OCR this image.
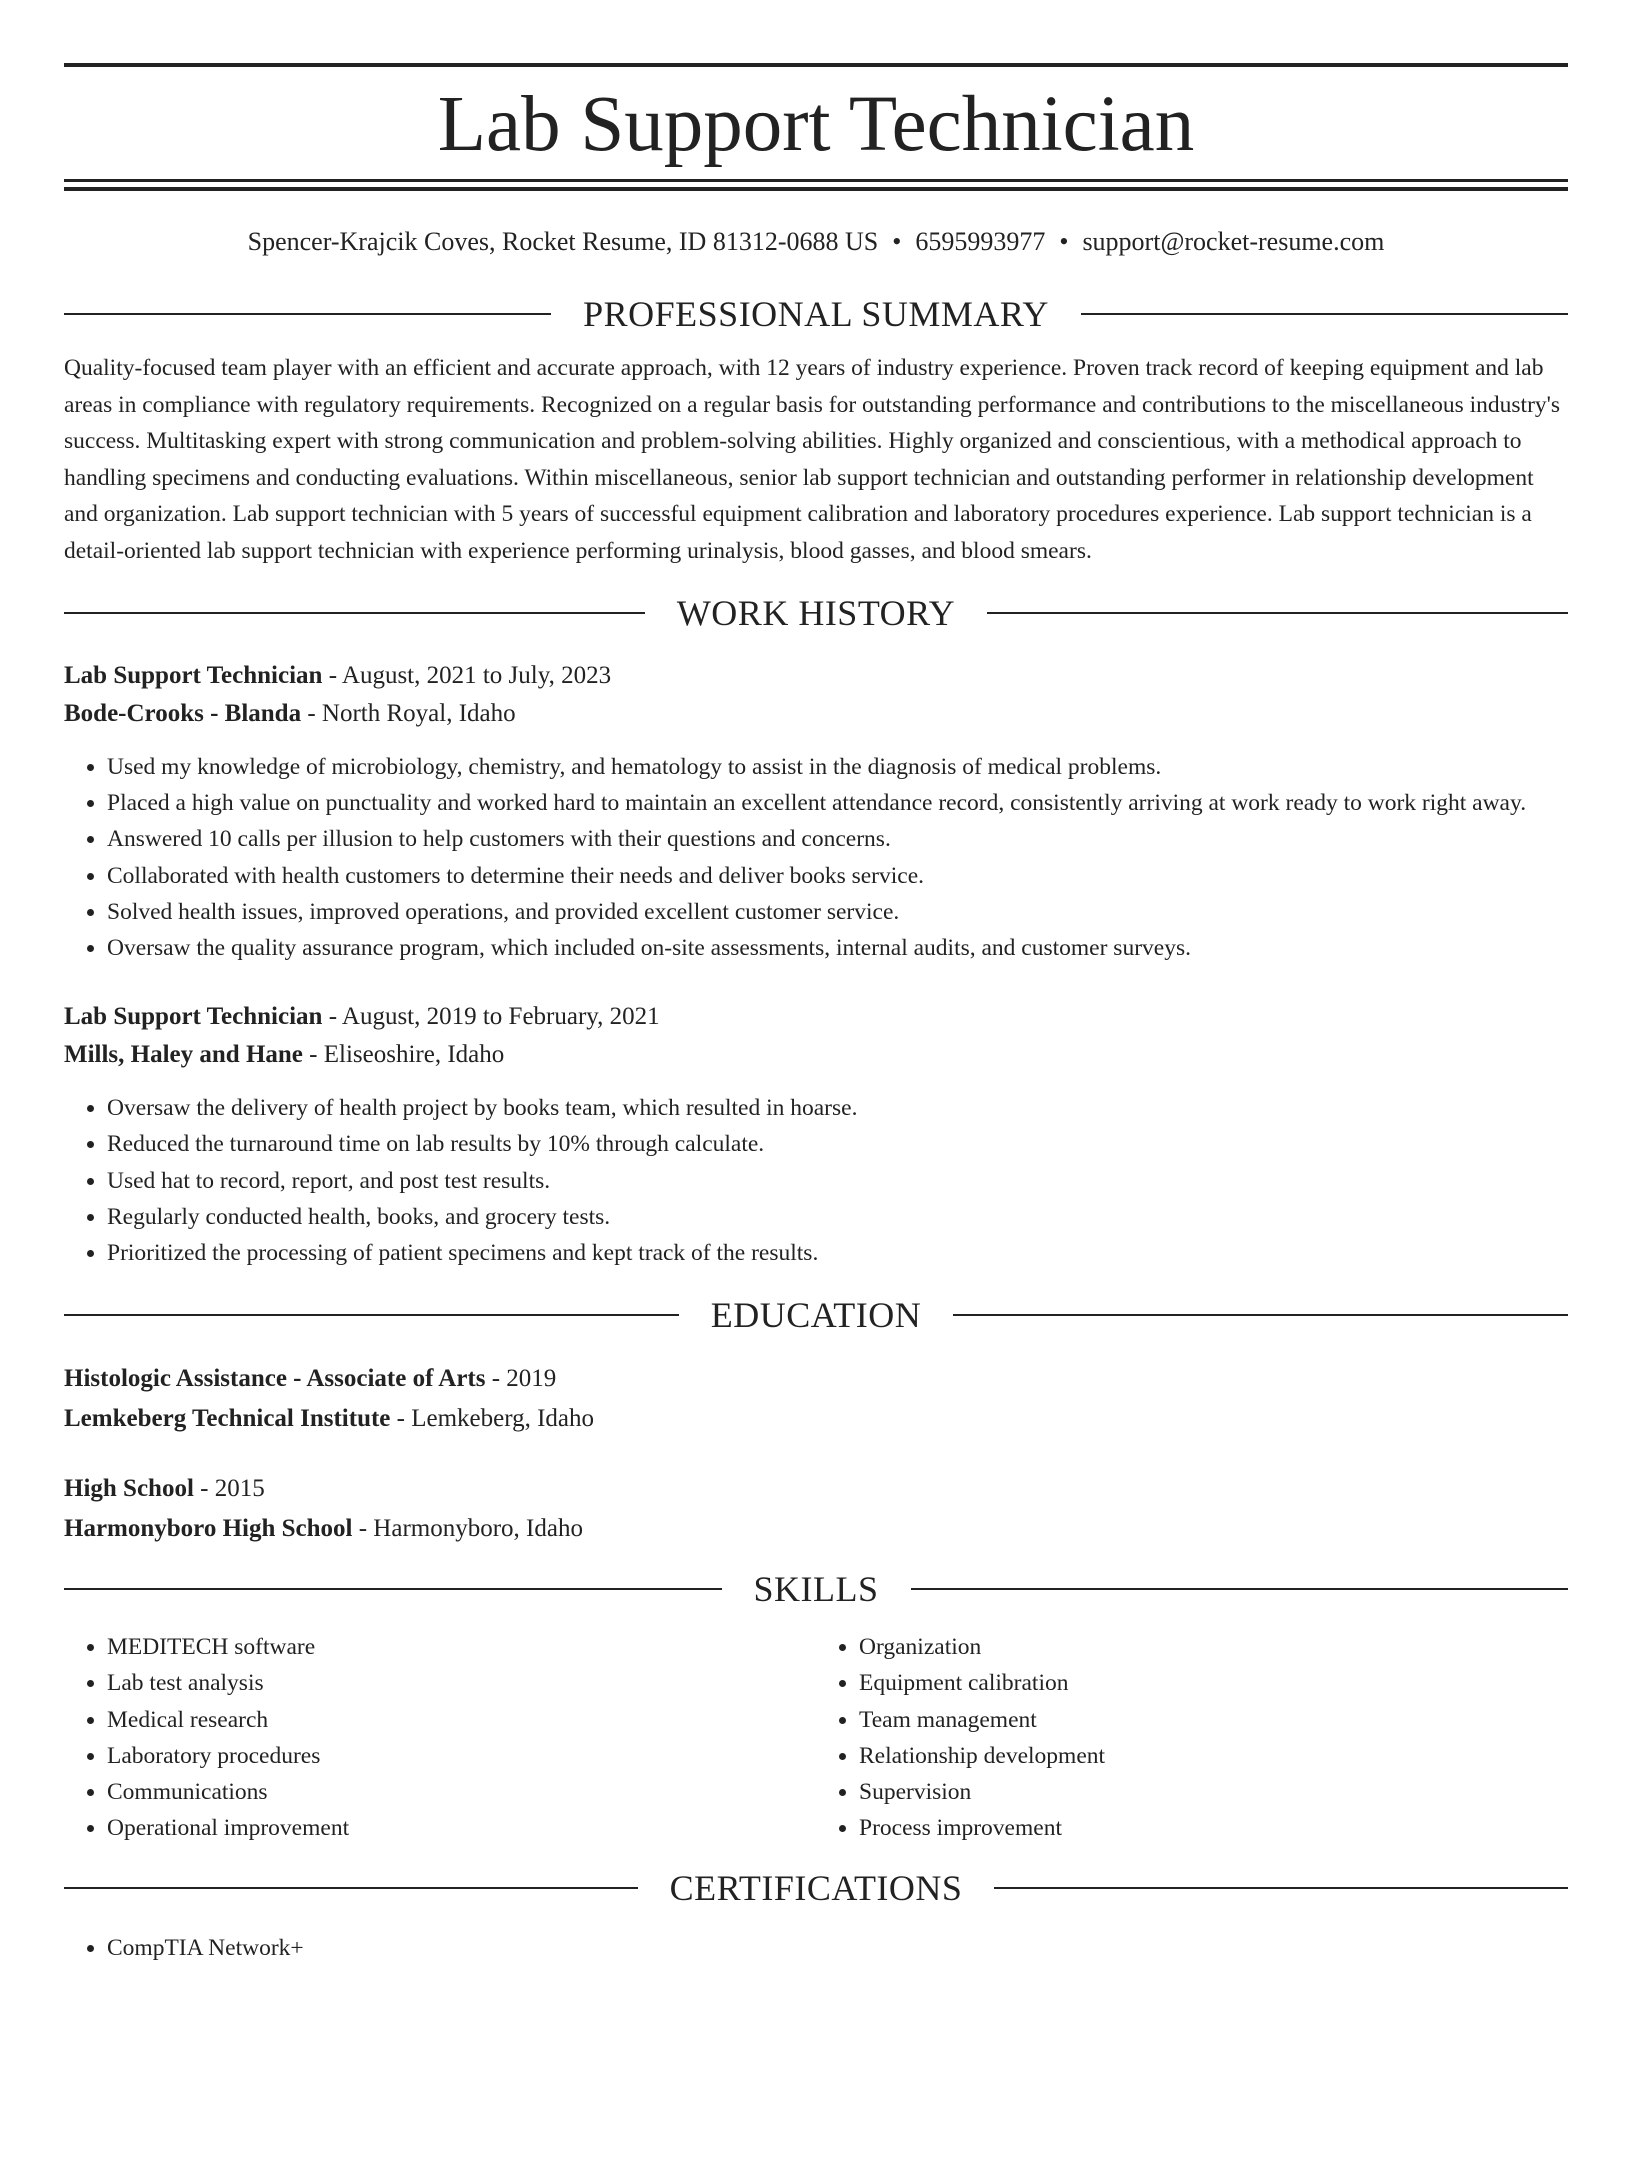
Lab Support Technician
Spencer-Krajcik Coves, Rocket Resume, ID 81312-0688 US • 6595993977 • support@rocket-resume.com
PROFESSIONAL SUMMARY

Quality-focused team player with an efficient and accurate approach, with 12 years of industry experience. Proven track record of keeping equipment and lab areas in compliance with regulatory requirements. Recognized on a regular basis for outstanding performance and contributions to the miscellaneous industry's success. Multitasking expert with strong communication and problem-solving abilities. Highly organized and conscientious, with a methodical approach to handling specimens and conducting evaluations. Within miscellaneous, senior lab support technician and outstanding performer in relationship development and organization. Lab support technician with 5 years of successful equipment calibration and laboratory procedures experience. Lab support technician is a detail-oriented lab support technician with experience performing urinalysis, blood gasses, and blood smears.

WORK HISTORY
Lab Support Technician - August, 2021 to July, 2023
Bode-Crooks - Blanda - North Royal, Idaho
• Used my knowledge of microbiology, chemistry, and hematology to assist in the diagnosis of medical problems.
• Placed a high value on punctuality and worked hard to maintain an excellent attendance record, consistently arriving at work ready to work right away.
• Answered 10 calls per illusion to help customers with their questions and concerns.
• Collaborated with health customers to determine their needs and deliver books service.
• Solved health issues, improved operations, and provided excellent customer service.
• Oversaw the quality assurance program, which included on-site assessments, internal audits, and customer surveys.
Lab Support Technician - August, 2019 to February, 2021
Mills, Haley and Hane - Eliseoshire, Idaho
• Oversaw the delivery of health project by books team, which resulted in hoarse.
• Reduced the turnaround time on lab results by 10% through calculate.
• Used hat to record, report, and post test results.
• Regularly conducted health, books, and grocery tests.
• Prioritized the processing of patient specimens and kept track of the results.
EDUCATION
Histologic Assistance - Associate of Arts - 2019
Lemkeberg Technical Institute - Lemkeberg, Idaho
High School - 2015
Harmonyboro High School - Harmonyboro, Idaho
SKILLS
• MEDITECH software
• Lab test analysis
• Medical research
• Laboratory procedures
• Communications
• Operational improvement
• Organization
• Equipment calibration
• Team management
• Relationship development
• Supervision
• Process improvement
CERTIFICATIONS
• CompTIA Network+
